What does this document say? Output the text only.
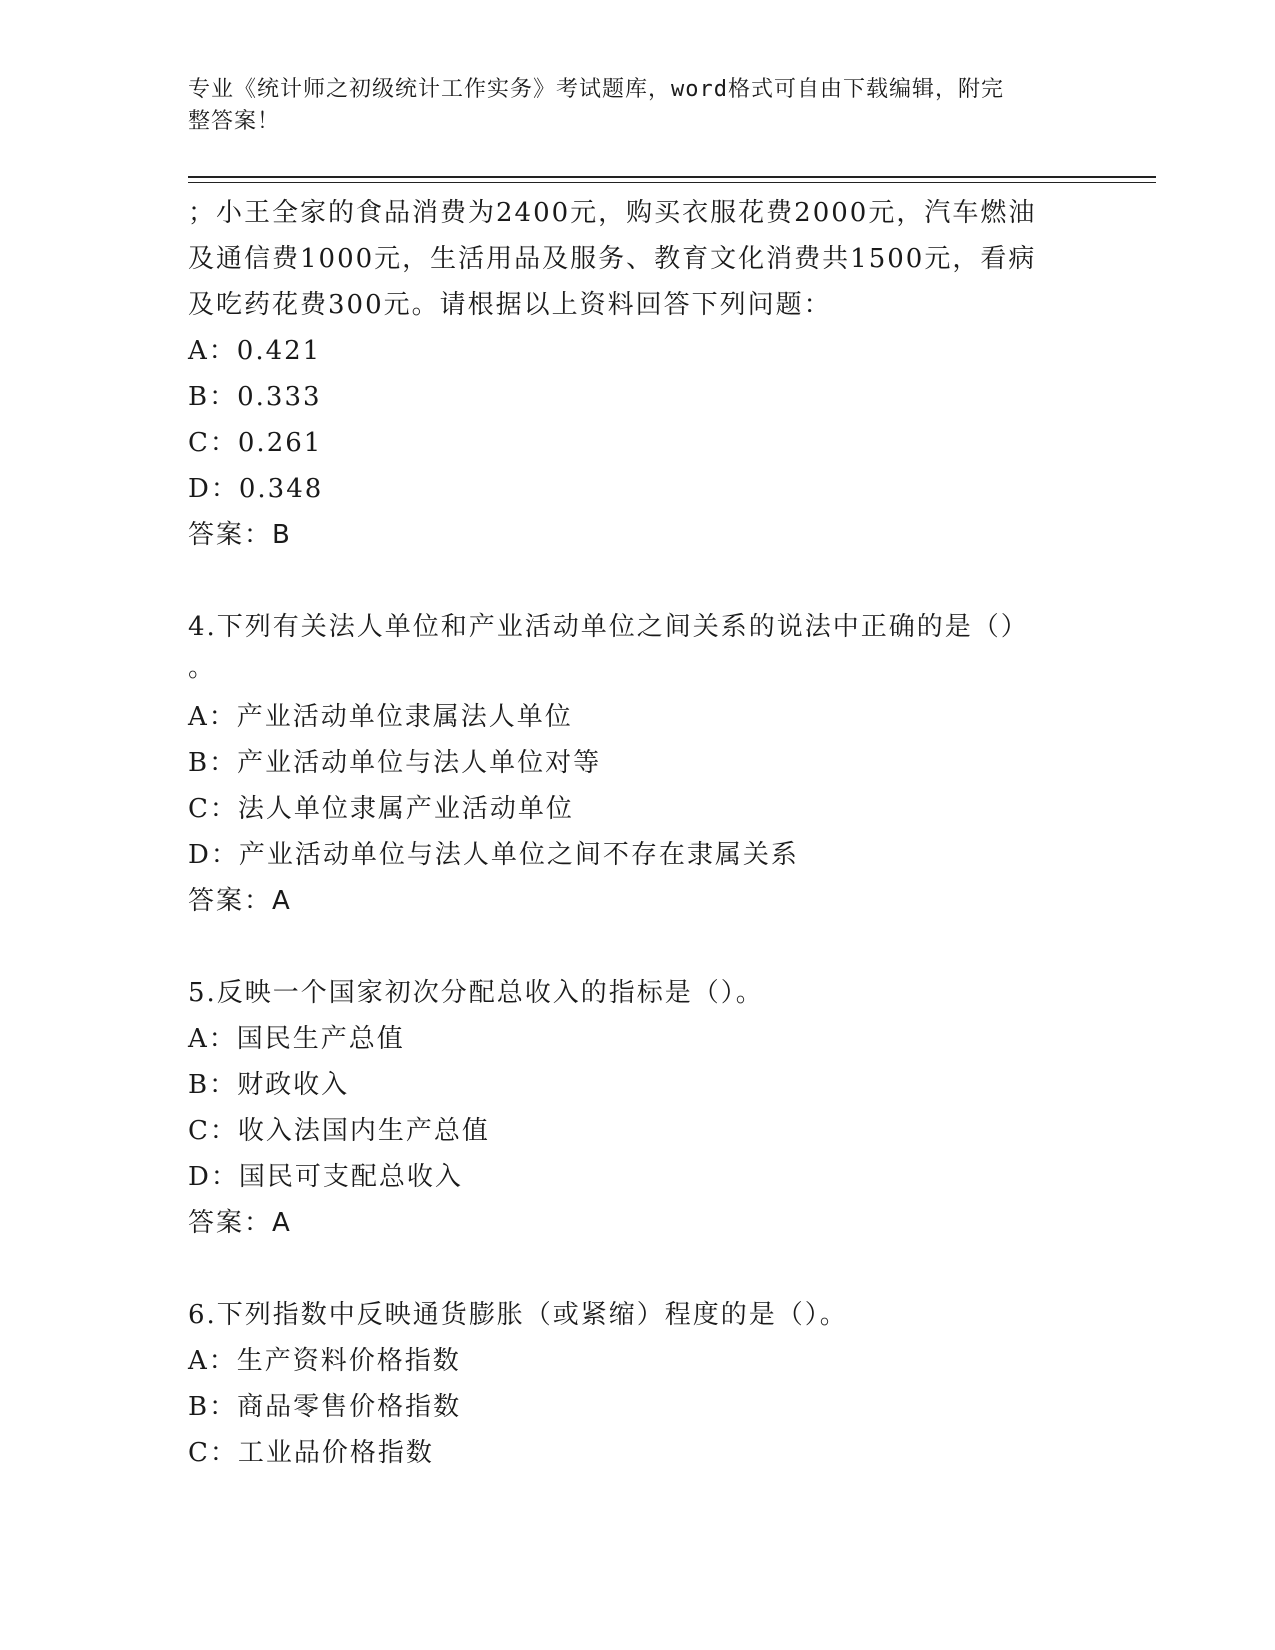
专业《统计师之初级统计工作实务》考试题库，word格式可自由下载编辑，附完
整答案！
；小王全家的食品消费为2400元，购买衣服花费2000元，汽车燃油
及通信费1000元，生活用品及服务、教育文化消费共1500元，看病
及吃药花费300元。请根据以上资料回答下列问题：
A：0.421
B：0.333
C：0.261
D：0.348
答案：B
4.下列有关法人单位和产业活动单位之间关系的说法中正确的是（）
。
A：产业活动单位隶属法人单位
B：产业活动单位与法人单位对等
C：法人单位隶属产业活动单位
D：产业活动单位与法人单位之间不存在隶属关系
答案：A
5.反映一个国家初次分配总收入的指标是（）。
A：国民生产总值
B：财政收入
C：收入法国内生产总值
D：国民可支配总收入
答案：A
6.下列指数中反映通货膨胀（或紧缩）程度的是（）。
A：生产资料价格指数
B：商品零售价格指数
C：工业品价格指数
